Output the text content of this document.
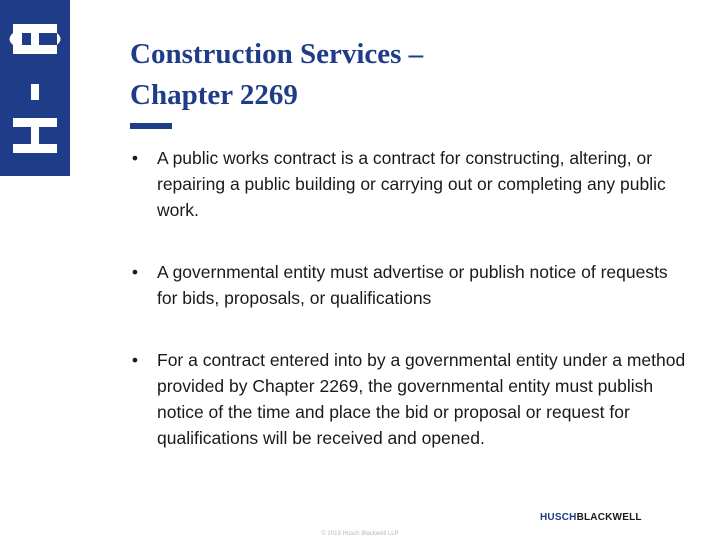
Construction Services –
Chapter 2269
• A public works contract is a contract for constructing, altering, or repairing a public building or carrying out or completing any public work.
• A governmental entity must advertise or publish notice of requests for bids, proposals, or qualifications
• For a contract entered into by a governmental entity under a method provided by Chapter 2269, the governmental entity must publish notice of the time and place the bid or proposal or request for qualifications will be received and opened.
HUSCHBLACKWELL
© 2019 Husch Blackwell LLP
